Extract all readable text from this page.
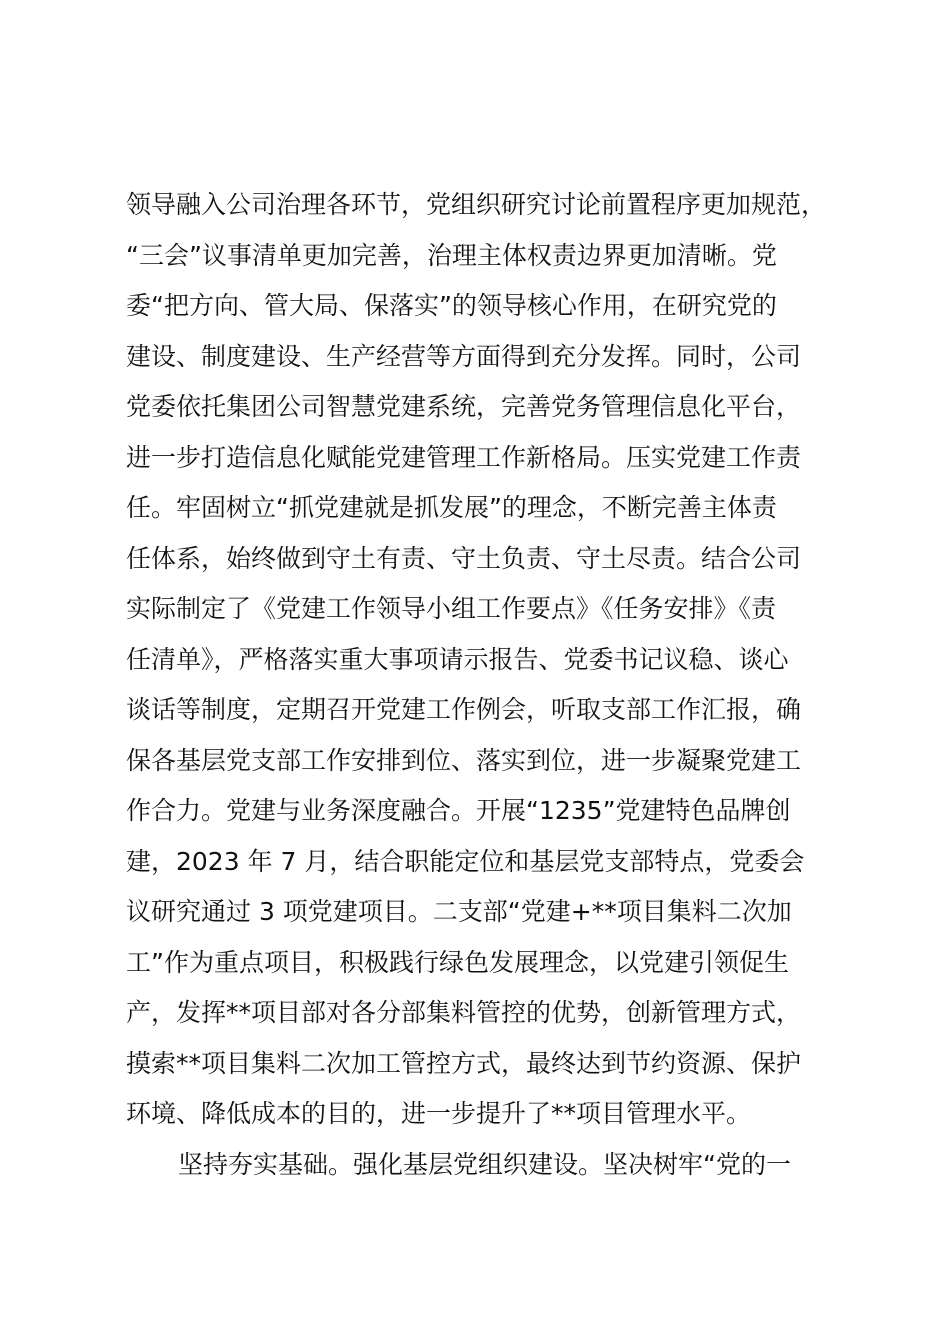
领导融入公司治理各环节，党组织研究讨论前置程序更加规范，
“三会”议事清单更加完善，治理主体权责边界更加清晰。党
委“把方向、管大局、保落实”的领导核心作用，在研究党的
建设、制度建设、生产经营等方面得到充分发挥。同时，公司
党委依托集团公司智慧党建系统，完善党务管理信息化平台，
进一步打造信息化赋能党建管理工作新格局。压实党建工作责
任。牢固树立“抓党建就是抓发展”的理念，不断完善主体责
任体系，始终做到守土有责、守土负责、守土尽责。结合公司
实际制定了《党建工作领导小组工作要点》《任务安排》《责
任清单》，严格落实重大事项请示报告、党委书记议稳、谈心
谈话等制度，定期召开党建工作例会，听取支部工作汇报，确
保各基层党支部工作安排到位、落实到位，进一步凝聚党建工
作合力。党建与业务深度融合。开展“1235”党建特色品牌创
建，2023 年 7 月，结合职能定位和基层党支部特点，党委会
议研究通过 3 项党建项目。二支部“党建+**项目集料二次加
工”作为重点项目，积极践行绿色发展理念，以党建引领促生
产，发挥**项目部对各分部集料管控的优势，创新管理方式，
摸索**项目集料二次加工管控方式，最终达到节约资源、保护
环境、降低成本的目的，进一步提升了**项目管理水平。
坚持夯实基础。强化基层党组织建设。坚决树牢“党的一
